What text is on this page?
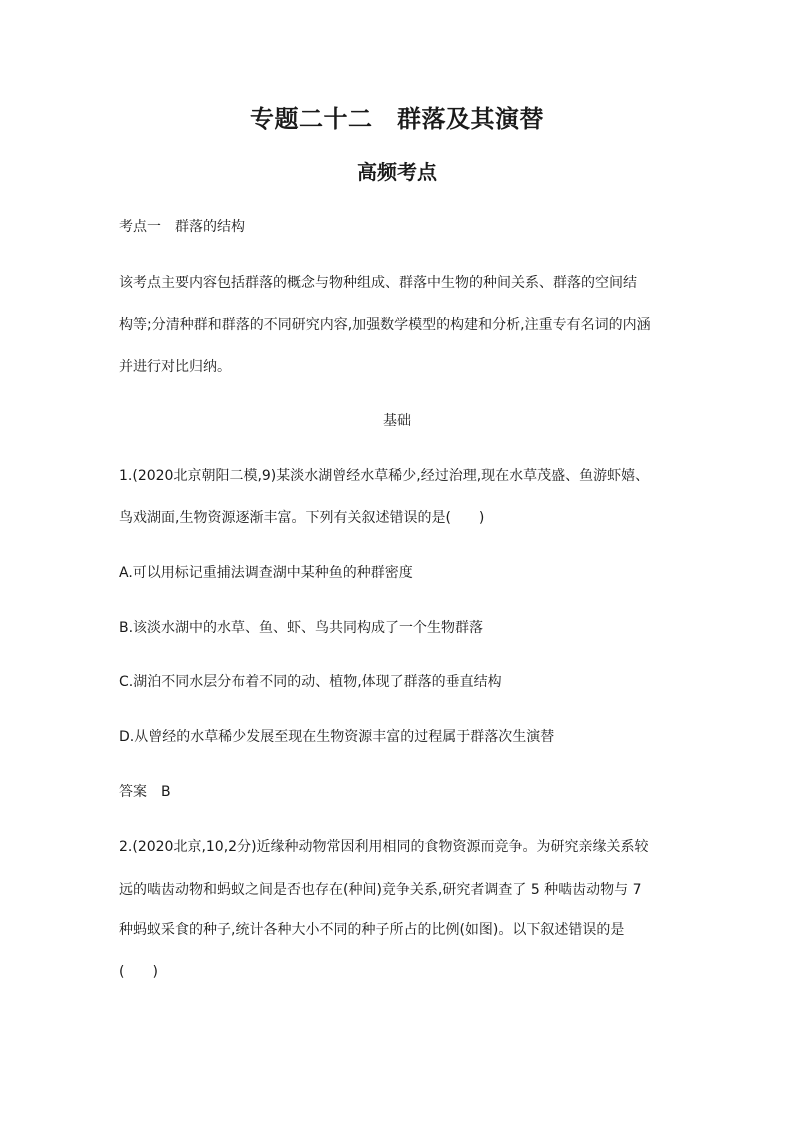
专题二十二　群落及其演替
高频考点
考点一　群落的结构
该考点主要内容包括群落的概念与物种组成、群落中生物的种间关系、群落的空间结
构等;分清种群和群落的不同研究内容,加强数学模型的构建和分析,注重专有名词的内涵
并进行对比归纳。
基础
1.(2020北京朝阳二模,9)某淡水湖曾经水草稀少,经过治理,现在水草茂盛、鱼游虾嬉、
鸟戏湖面,生物资源逐渐丰富。下列有关叙述错误的是(　　)
A.可以用标记重捕法调查湖中某种鱼的种群密度
B.该淡水湖中的水草、鱼、虾、鸟共同构成了一个生物群落
C.湖泊不同水层分布着不同的动、植物,体现了群落的垂直结构
D.从曾经的水草稀少发展至现在生物资源丰富的过程属于群落次生演替
答案　B
2.(2020北京,10,2分)近缘种动物常因利用相同的食物资源而竞争。为研究亲缘关系较
远的啮齿动物和蚂蚁之间是否也存在(种间)竞争关系,研究者调查了 5 种啮齿动物与 7
种蚂蚁采食的种子,统计各种大小不同的种子所占的比例(如图)。以下叙述错误的是
(　　)
